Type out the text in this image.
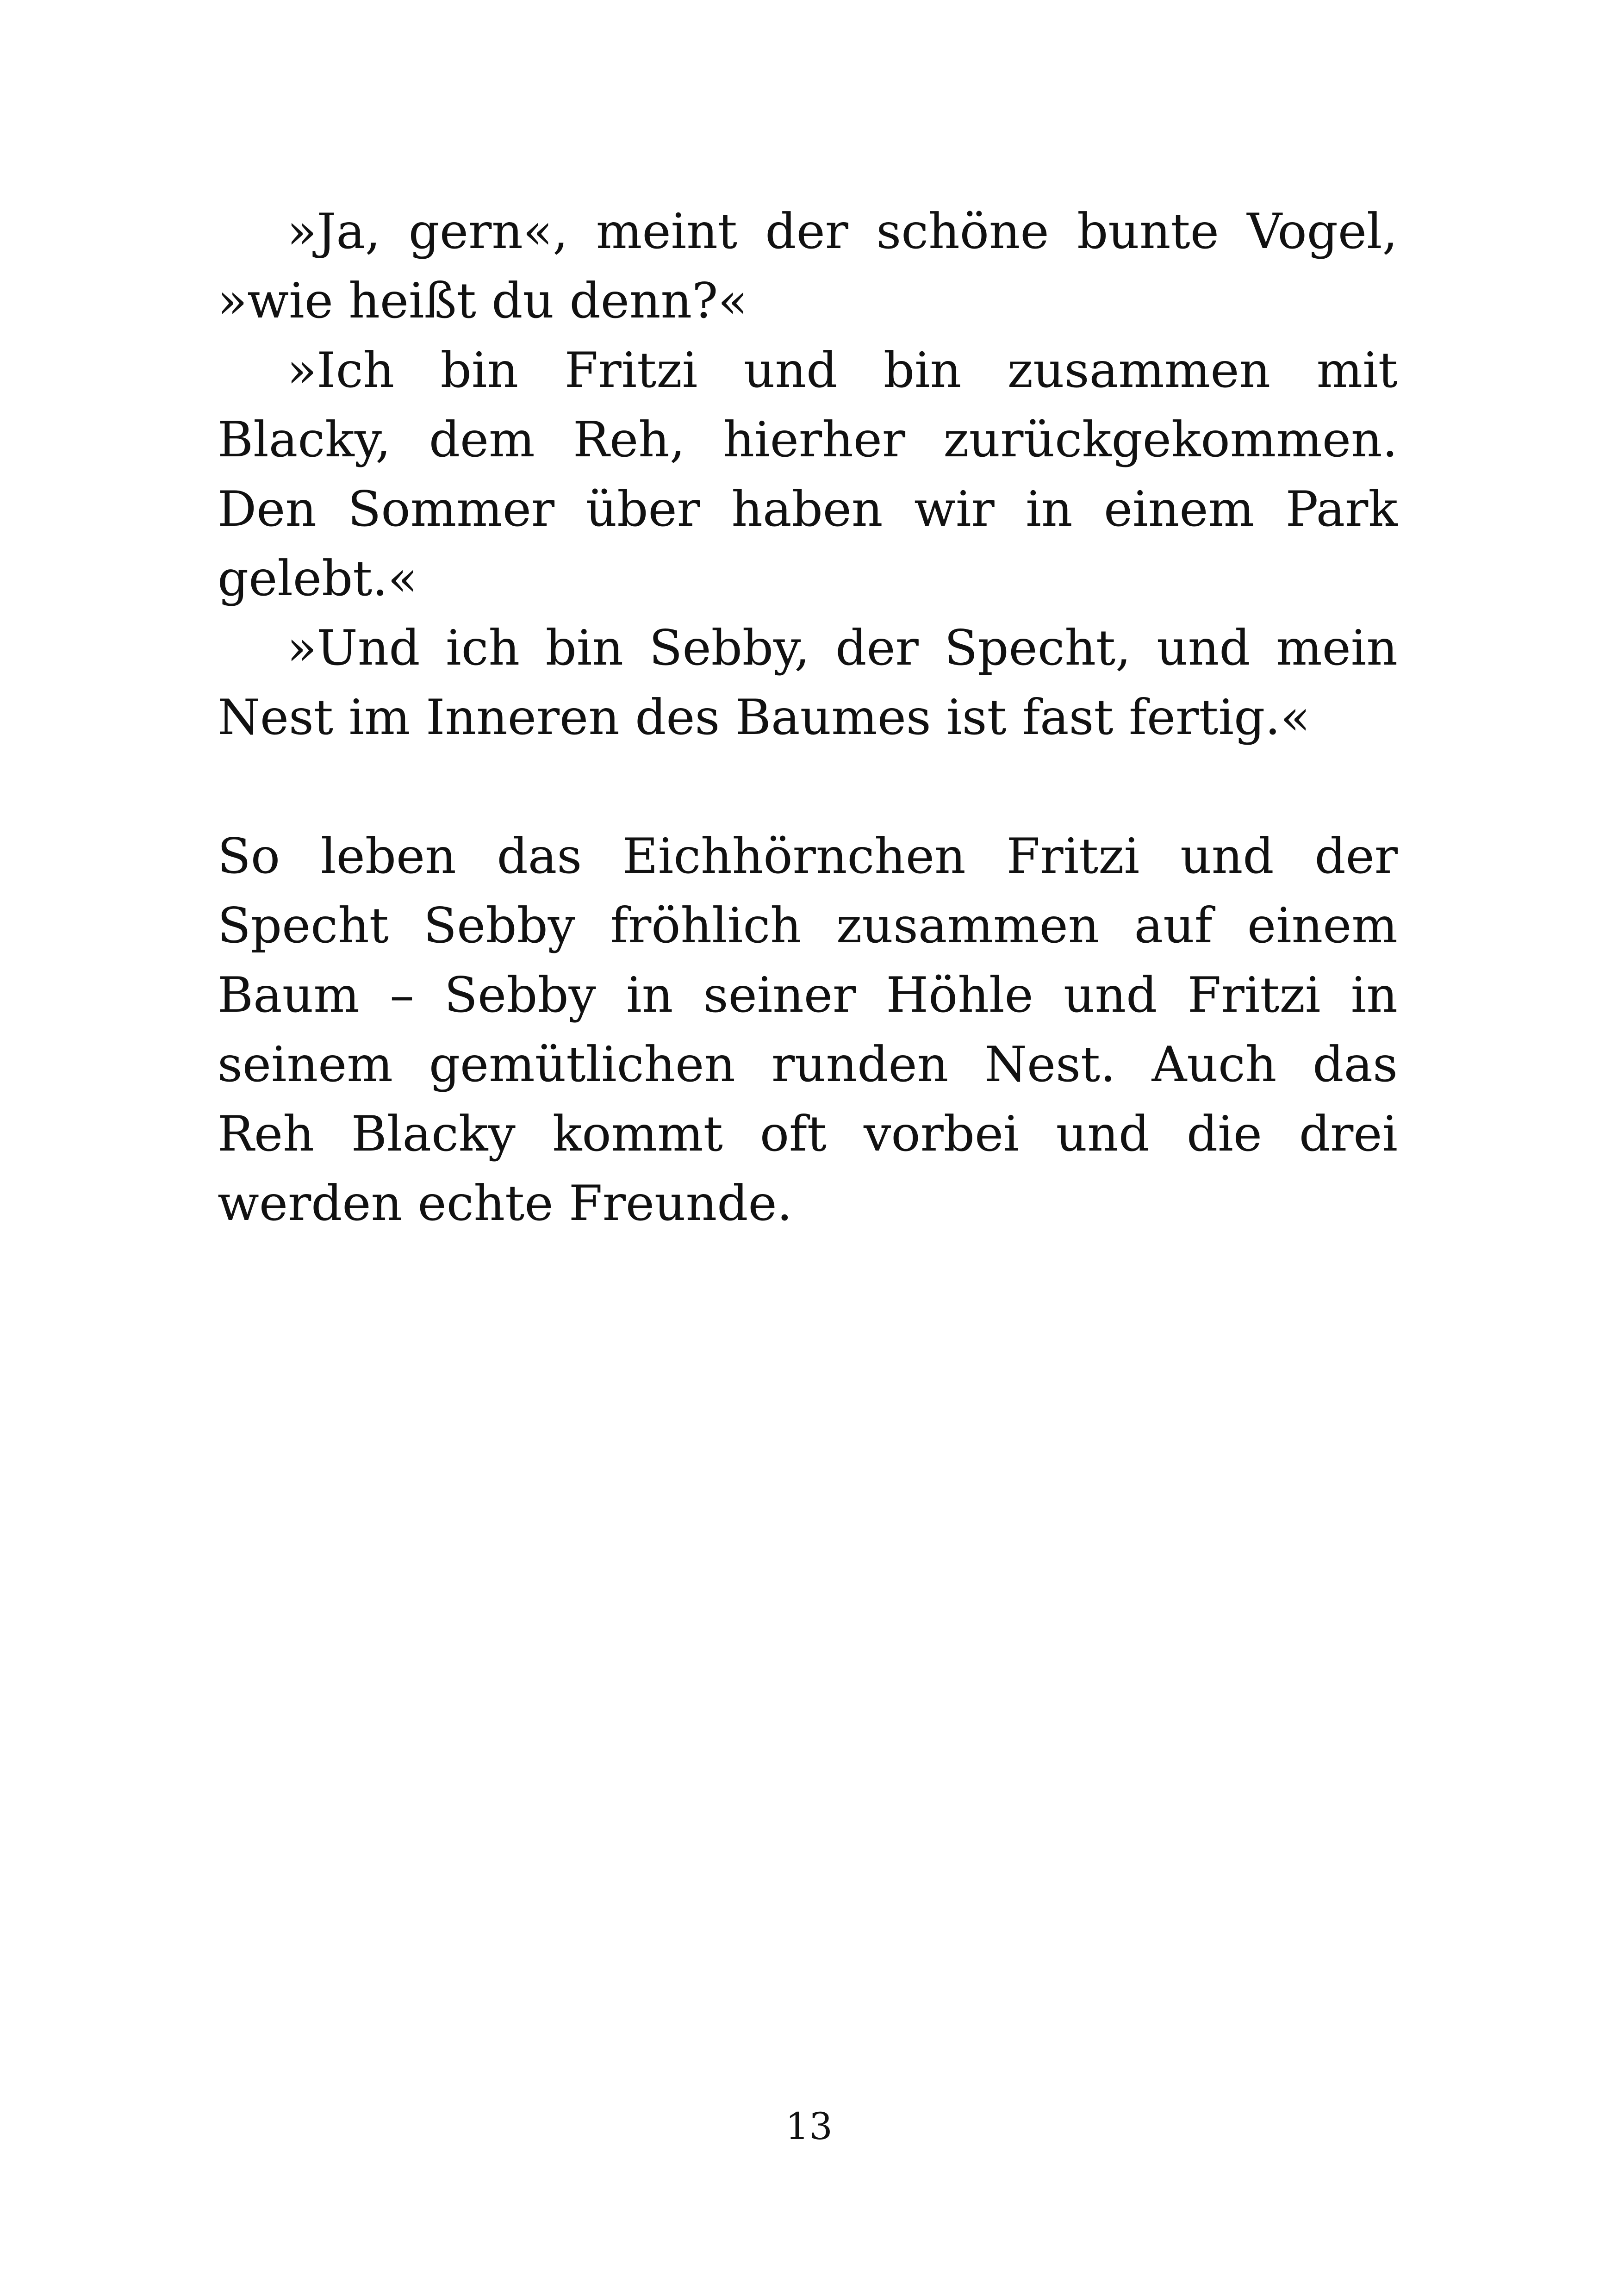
»Ja, gern«, meint der schöne bunte Vogel, »wie heißt du denn?«

»Ich bin Fritzi und bin zusammen mit Blacky, dem Reh, hierher zurückgekommen. Den Sommer über haben wir in einem Park gelebt.«

»Und ich bin Sebby, der Specht, und mein Nest im Inneren des Baumes ist fast fertig.«

So leben das Eichhörnchen Fritzi und der Specht Sebby fröhlich zusammen auf einem Baum – Sebby in seiner Höhle und Fritzi in seinem gemütlichen runden Nest. Auch das Reh Blacky kommt oft vorbei und die drei werden echte Freunde.

13
